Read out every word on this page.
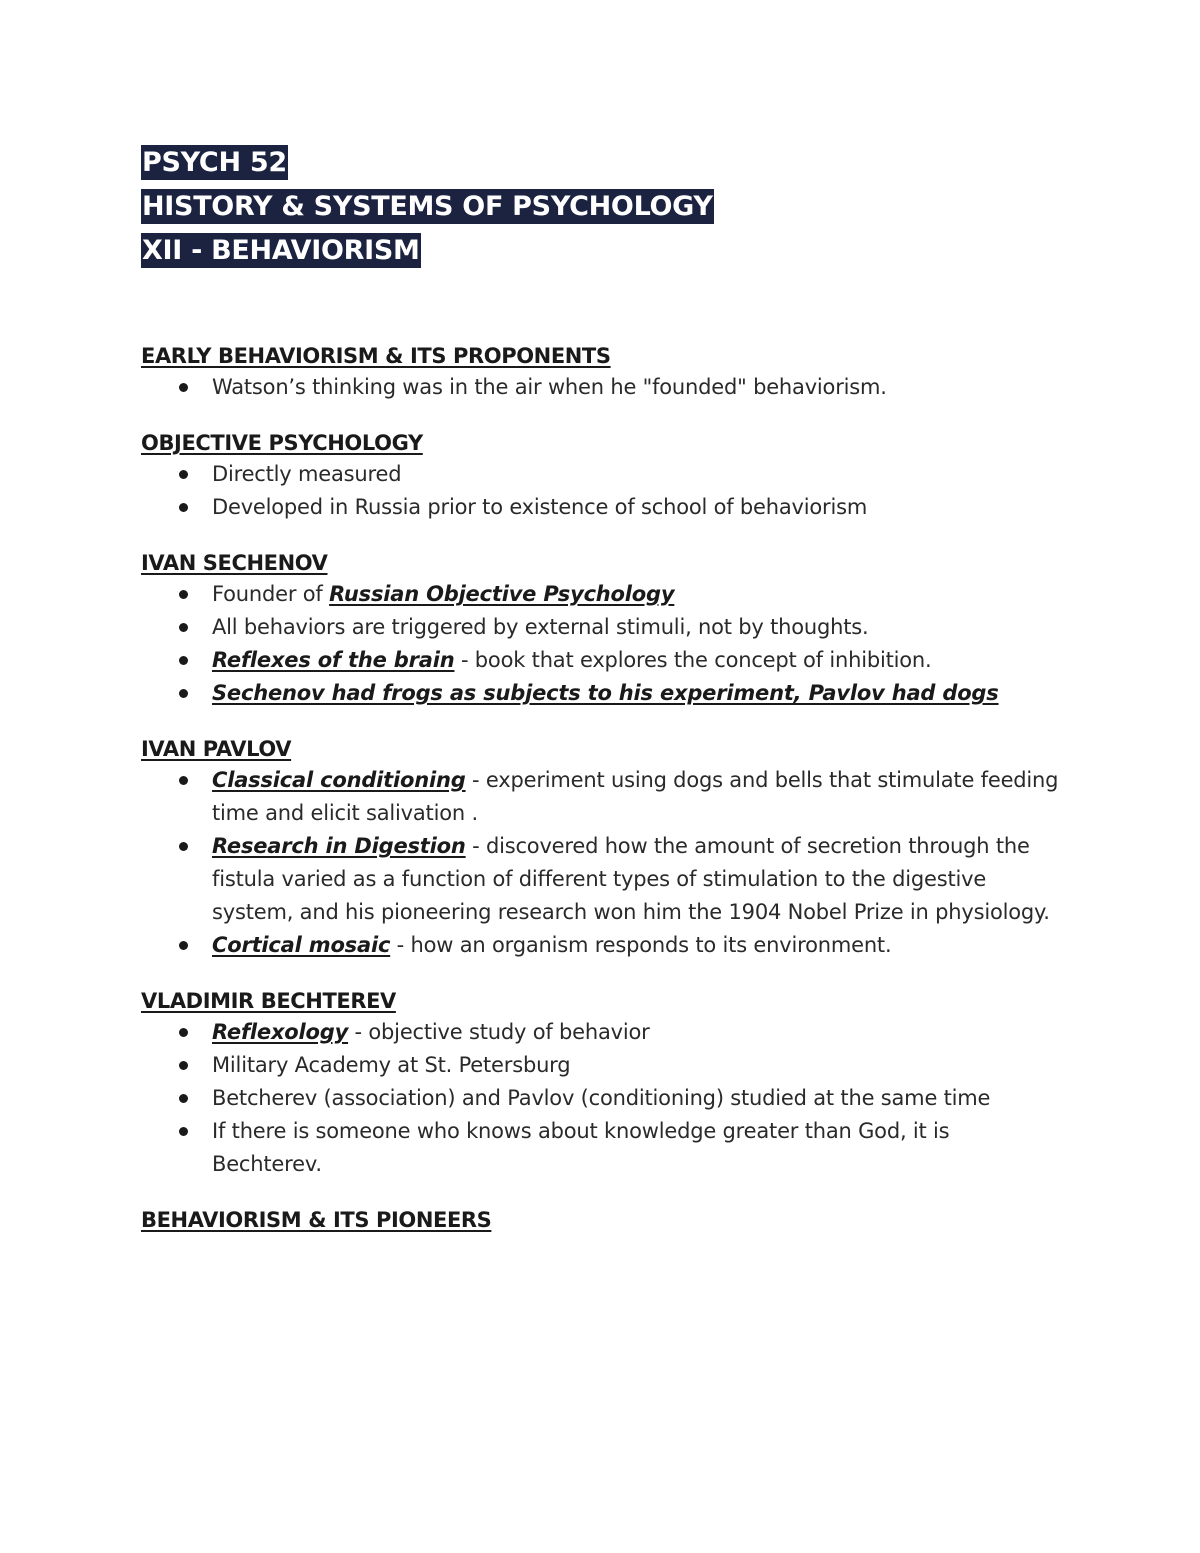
PSYCH 52
HISTORY & SYSTEMS OF PSYCHOLOGY
XII - BEHAVIORISM
EARLY BEHAVIORISM & ITS PROPONENTS
Watson’s thinking was in the air when he "founded" behaviorism.
OBJECTIVE PSYCHOLOGY
Directly measured
Developed in Russia prior to existence of school of behaviorism
IVAN SECHENOV
Founder of Russian Objective Psychology
All behaviors are triggered by external stimuli, not by thoughts.
Reflexes of the brain - book that explores the concept of inhibition.
Sechenov had frogs as subjects to his experiment, Pavlov had dogs
IVAN PAVLOV
Classical conditioning - experiment using dogs and bells that stimulate feeding time and elicit salivation .
Research in Digestion - discovered how the amount of secretion through the fistula varied as a function of different types of stimulation to the digestive system, and his pioneering research won him the 1904 Nobel Prize in physiology.
Cortical mosaic - how an organism responds to its environment.
VLADIMIR BECHTEREV
Reflexology - objective study of behavior
Military Academy at St. Petersburg
Betcherev (association) and Pavlov (conditioning) studied at the same time
If there is someone who knows about knowledge greater than God, it is Bechterev.
BEHAVIORISM & ITS PIONEERS
